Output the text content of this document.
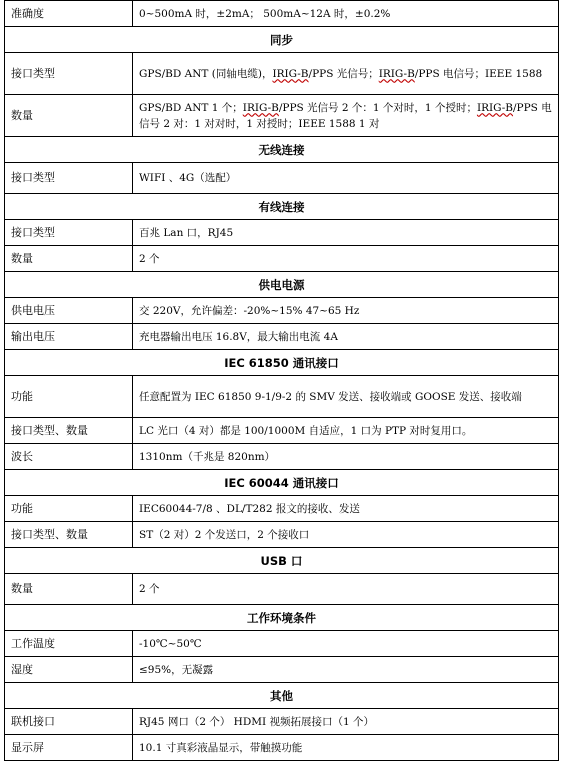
准确度	0~500mA 时，±2mA； 500mA~12A 时，±0.2%
同步	
接口类型	GPS/BD ANT (同轴电缆)，IRIG-B/PPS 光信号；IRIG-B/PPS 电信号；IEEE 1588
数量	GPS/BD ANT 1 个；IRIG-B/PPS 光信号 2 个：1 个对时，1 个授时；IRIG-B/PPS 电信号 2 对：1 对对时，1 对授时；IEEE 1588 1 对
无线连接	
接口类型	WIFI 、4G（选配）
有线连接	
接口类型	百兆 Lan 口，RJ45
数量	2 个
供电电源	
供电电压	交 220V，允许偏差：-20%~15% 47~65 Hz
输出电压	充电器输出电压 16.8V，最大输出电流 4A
IEC 61850 通讯接口	
功能	任意配置为 IEC 61850 9-1/9-2 的 SMV 发送、接收端或 GOOSE 发送、接收端
接口类型、数量	LC 光口（4 对）都是 100/1000M 自适应，1 口为 PTP 对时复用口。
波长	1310nm（千兆是 820nm）
IEC 60044 通讯接口	
功能	IEC60044-7/8 、DL/T282 报文的接收、发送
接口类型、数量	ST（2 对）2 个发送口，2 个接收口
USB 口	
数量	2 个
工作环境条件	
工作温度	-10℃~50℃
湿度	≤95%，无凝露
其他	
联机接口	RJ45 网口（2 个） HDMI 视频拓展接口（1 个）
显示屏	10.1 寸真彩液晶显示，带触摸功能
